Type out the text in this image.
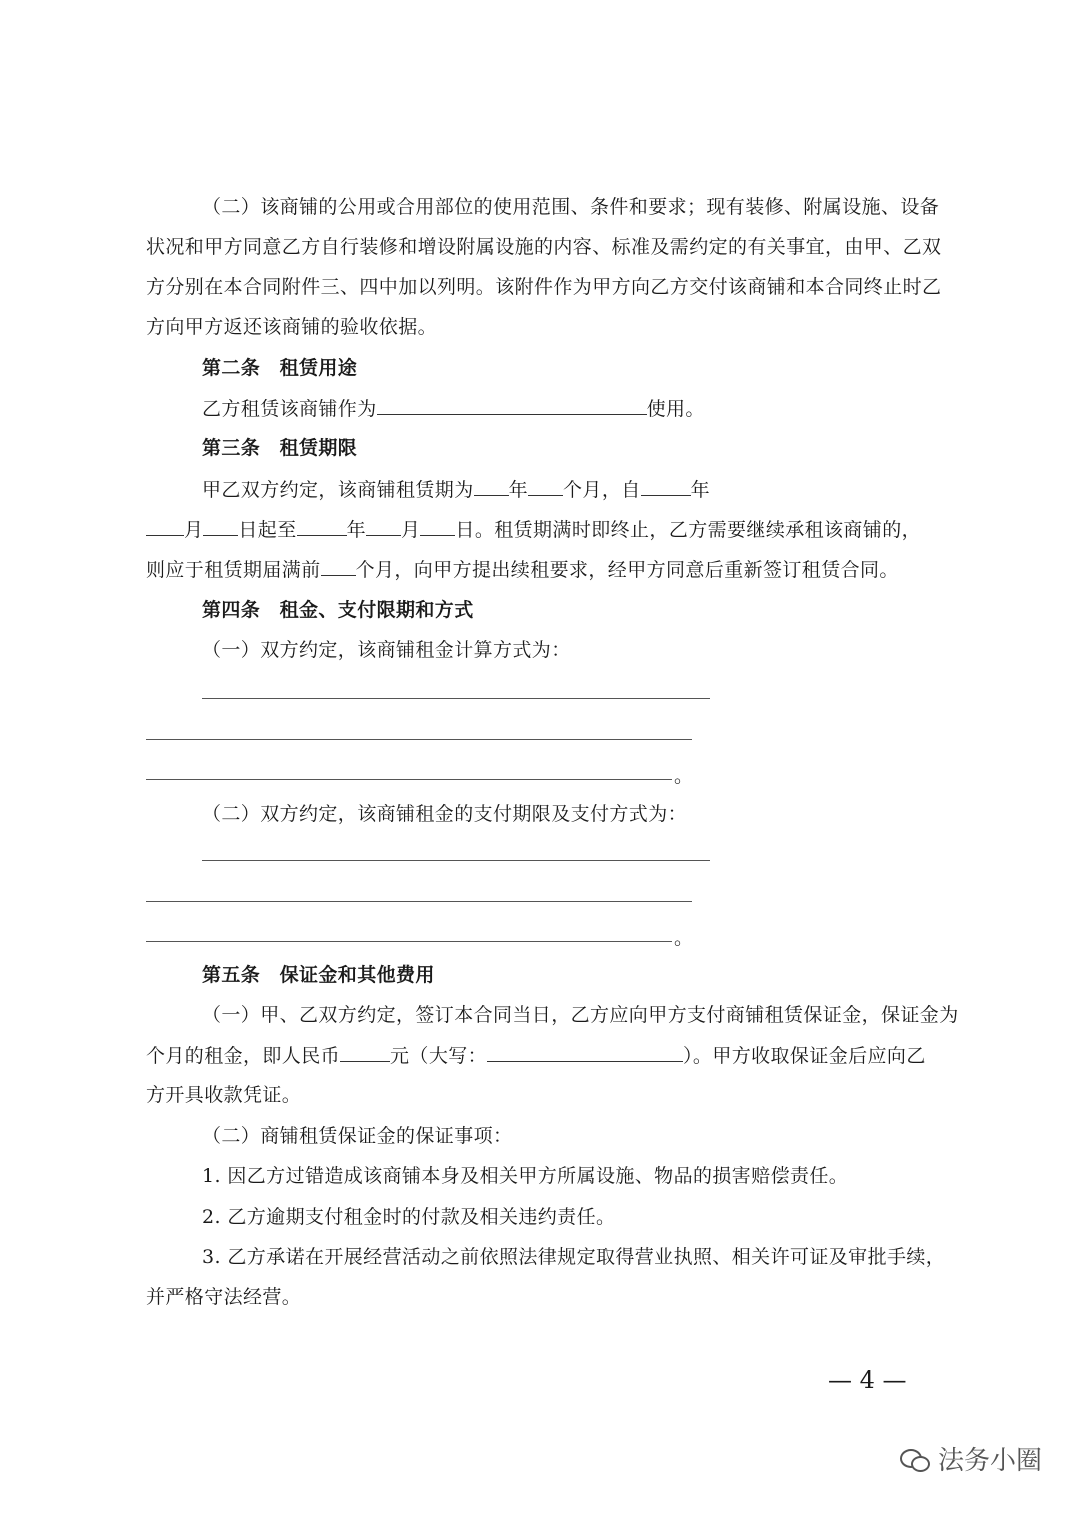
（二）该商铺的公用或合用部位的使用范围、条件和要求；现有装修、附属设施、设备
状况和甲方同意乙方自行装修和增设附属设施的内容、标准及需约定的有关事宜，由甲、乙双
方分别在本合同附件三、四中加以列明。该附件作为甲方向乙方交付该商铺和本合同终止时乙
方向甲方返还该商铺的验收依据。
第二条　租赁用途
乙方租赁该商铺作为	使用。
第三条　租赁期限
甲乙双方约定，该商铺租赁期为 年 个月，自	年
月 日起至	年 月 日。租赁期满时即终止，乙方需要继续承租该商铺的，
则应于租赁期届满前 个月，向甲方提出续租要求，经甲方同意后重新签订租赁合同。
第四条　租金、支付限期和方式
（一）双方约定，该商铺租金计算方式为：
。
（二）双方约定，该商铺租金的支付期限及支付方式为：
。
第五条　保证金和其他费用
（一）甲、乙双方约定，签订本合同当日，乙方应向甲方支付商铺租赁保证金，保证金为
个月的租金，即人民币	元（大写：	）。甲方收取保证金后应向乙
方开具收款凭证。
（二）商铺租赁保证金的保证事项：
1. 因乙方过错造成该商铺本身及相关甲方所属设施、物品的损害赔偿责任。
2. 乙方逾期支付租金时的付款及相关违约责任。
3. 乙方承诺在开展经营活动之前依照法律规定取得营业执照、相关许可证及审批手续，
并严格守法经营。
— 4 —
法务小圈
